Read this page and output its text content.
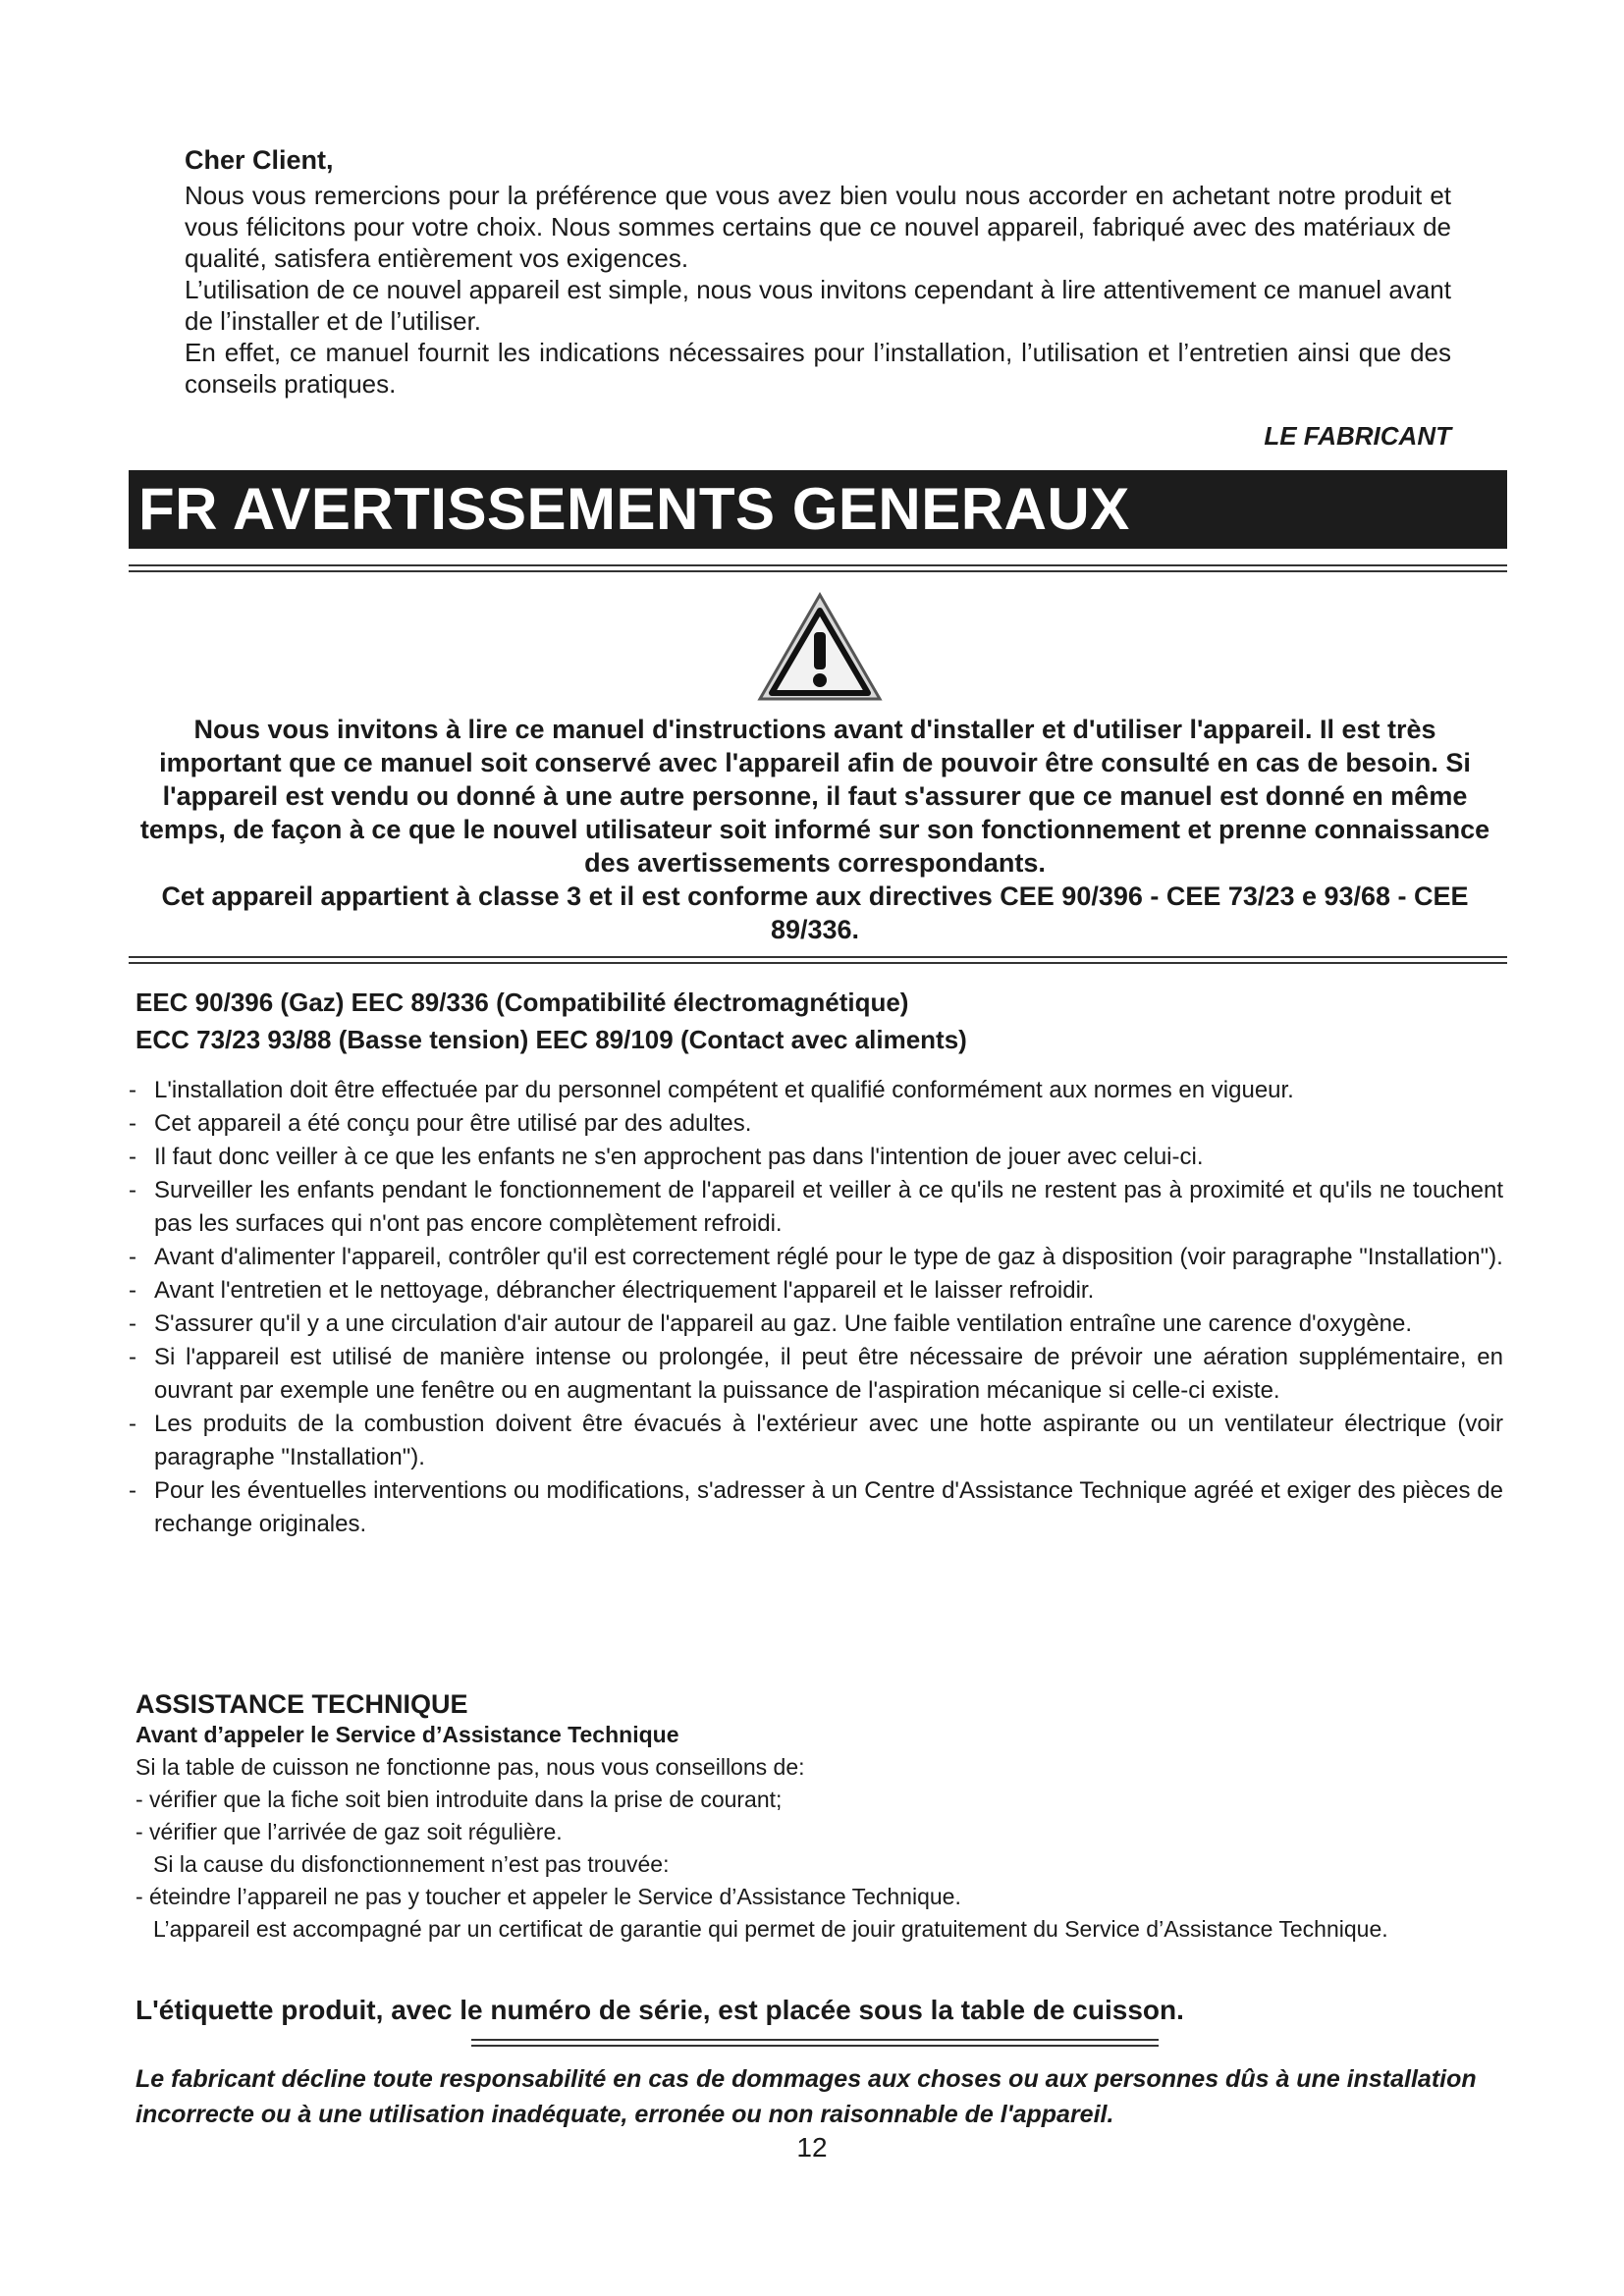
Cher Client,

Nous vous remercions pour la préférence que vous avez bien voulu nous accorder en achetant notre produit et vous félicitons pour votre choix. Nous sommes certains que ce nouvel appareil, fabriqué avec des matériaux de qualité, satisfera entièrement vos exigences.

L’utilisation de ce nouvel appareil est simple, nous vous invitons cependant à lire attentivement ce manuel avant de l’installer et de l’utiliser.

En effet, ce manuel fournit les indications nécessaires pour l’installation, l’utilisation et l’entretien ainsi que des conseils pratiques.

LE FABRICANT
FR AVERTISSEMENTS GENERAUX

Nous vous invitons à lire ce manuel d'instructions avant d'installer et d'utiliser l'appareil. Il est très important que ce manuel soit conservé avec l'appareil afin de pouvoir être consulté en cas de besoin. Si l'appareil est vendu ou donné à une autre personne, il faut s'assurer que ce manuel est donné en même temps, de façon à ce que le nouvel utilisateur soit informé sur son fonctionnement et prenne connaissance des avertissements correspondants.

Cet appareil appartient à classe 3 et il est conforme aux directives CEE 90/396 - CEE 73/23 e 93/68 - CEE 89/336.

EEC 90/396 (Gaz) EEC 89/336 (Compatibilité électromagnétique)

ECC 73/23 93/88 (Basse tension) EEC 89/109 (Contact avec aliments)

- L'installation doit être effectuée par du personnel compétent et qualifié conformément aux normes en vigueur.
- Cet appareil a été conçu pour être utilisé par des adultes.
- Il faut donc veiller à ce que les enfants ne s'en approchent pas dans l'intention de jouer avec celui-ci.
- Surveiller les enfants pendant le fonctionnement de l'appareil et veiller à ce qu'ils ne restent pas à proximité et qu'ils ne touchent pas les surfaces qui n'ont pas encore complètement refroidi.
- Avant d'alimenter l'appareil, contrôler qu'il est correctement réglé pour le type de gaz à disposition (voir paragraphe "Installation").
- Avant l'entretien et le nettoyage, débrancher électriquement l'appareil et le laisser refroidir.
- S'assurer qu'il y a une circulation d'air autour de l'appareil au gaz. Une faible ventilation entraîne une carence d'oxygène.
- Si l'appareil est utilisé de manière intense ou prolongée, il peut être nécessaire de prévoir une aération supplémentaire, en ouvrant par exemple une fenêtre ou en augmentant la puissance de l'aspiration mécanique si celle-ci existe.
- Les produits de la combustion doivent être évacués à l'extérieur avec une hotte aspirante ou un ventilateur électrique (voir paragraphe "Installation").
- Pour les éventuelles interventions ou modifications, s'adresser à un Centre d'Assistance Technique agréé et exiger des pièces de rechange originales.
ASSISTANCE TECHNIQUE
Avant d’appeler le Service d’Assistance Technique
Si la table de cuisson ne fonctionne pas, nous vous conseillons de:
- vérifier que la fiche soit bien introduite dans la prise de courant;
- vérifier que l’arrivée de gaz soit régulière.
Si la cause du disfonctionnement n’est pas trouvée:
- éteindre l’appareil ne pas y toucher et appeler le Service d’Assistance Technique.
L’appareil est accompagné par un certificat de garantie qui permet de jouir gratuitement du Service d’Assistance Technique.
L'étiquette produit, avec le numéro de série, est placée sous la table de cuisson.
Le fabricant décline toute responsabilité en cas de dommages aux choses ou aux personnes dûs à une installation incorrecte ou à une utilisation inadéquate, erronée ou non raisonnable de l'appareil.
12
